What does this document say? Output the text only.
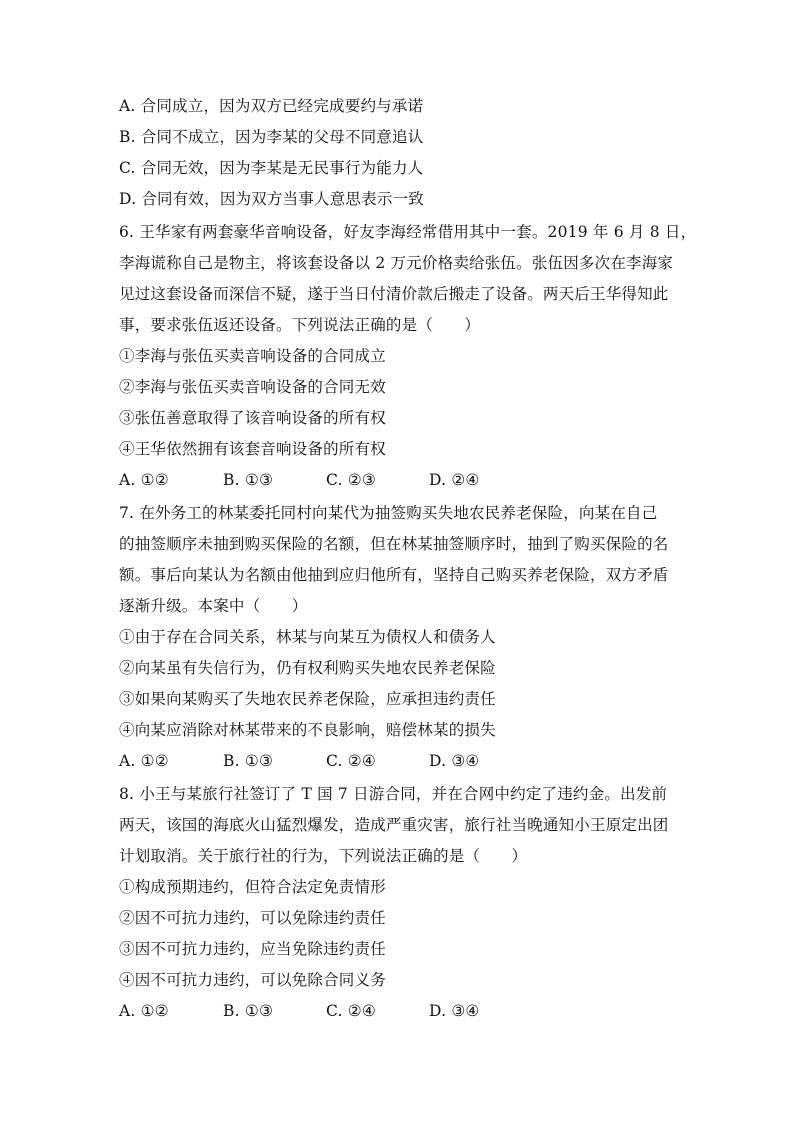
A. 合同成立，因为双方已经完成要约与承诺
B. 合同不成立，因为李某的父母不同意追认
C. 合同无效，因为李某是无民事行为能力人
D. 合同有效，因为双方当事人意思表示一致
6. 王华家有两套豪华音响设备，好友李海经常借用其中一套。2019 年 6 月 8 日，
李海谎称自己是物主，将该套设备以 2 万元价格卖给张伍。张伍因多次在李海家
见过这套设备而深信不疑，遂于当日付清价款后搬走了设备。两天后王华得知此
事，要求张伍返还设备。下列说法正确的是（　　）
①李海与张伍买卖音响设备的合同成立
②李海与张伍买卖音响设备的合同无效
③张伍善意取得了该音响设备的所有权
④王华依然拥有该套音响设备的所有权
A. ①②	B. ①③	C. ②③	D. ②④
7. 在外务工的林某委托同村向某代为抽签购买失地农民养老保险，向某在自己
的抽签顺序未抽到购买保险的名额，但在林某抽签顺序时，抽到了购买保险的名
额。事后向某认为名额由他抽到应归他所有，坚持自己购买养老保险，双方矛盾
逐渐升级。本案中（　　）
①由于存在合同关系，林某与向某互为债权人和债务人
②向某虽有失信行为，仍有权利购买失地农民养老保险
③如果向某购买了失地农民养老保险，应承担违约责任
④向某应消除对林某带来的不良影响，赔偿林某的损失
A. ①②	B. ①③	C. ②④	D. ③④
8. 小王与某旅行社签订了 T 国 7 日游合同，并在合网中约定了违约金。出发前
两天，该国的海底火山猛烈爆发，造成严重灾害，旅行社当晚通知小王原定出团
计划取消。关于旅行社的行为，下列说法正确的是（　　）
①构成预期违约，但符合法定免责情形
②因不可抗力违约，可以免除违约责任
③因不可抗力违约，应当免除违约责任
④因不可抗力违约，可以免除合同义务
A. ①②	B. ①③	C. ②④	D. ③④
